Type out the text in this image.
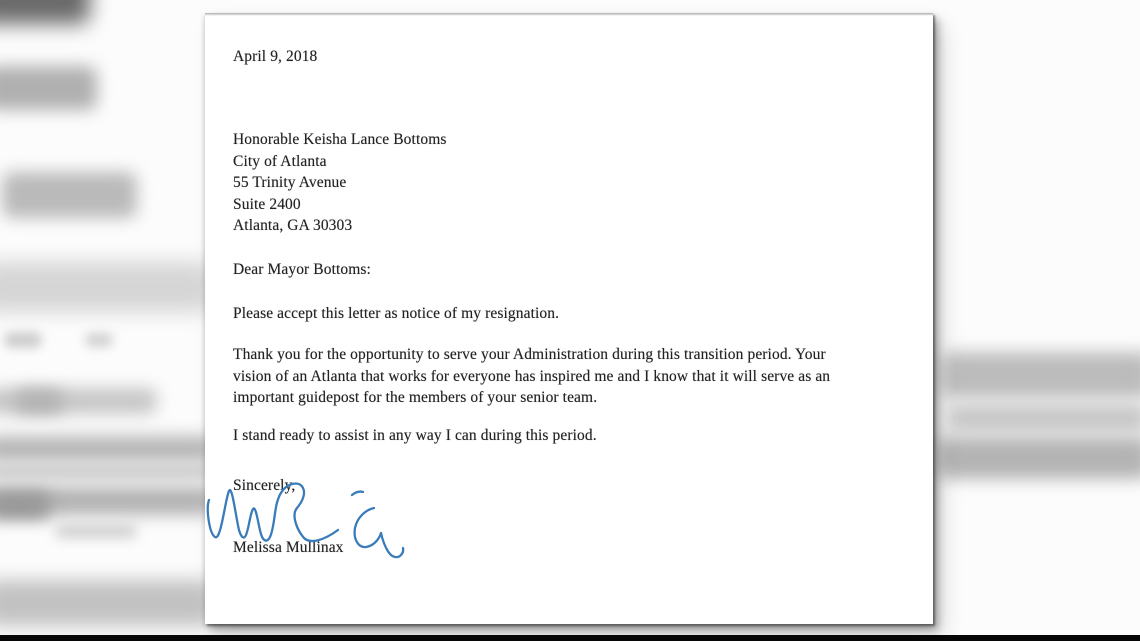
April 9, 2018
Honorable Keisha Lance Bottoms
City of Atlanta
55 Trinity Avenue
Suite 2400
Atlanta, GA 30303
Dear Mayor Bottoms:
Please accept this letter as notice of my resignation.
Thank you for the opportunity to serve your Administration during this transition period. Your
vision of an Atlanta that works for everyone has inspired me and I know that it will serve as an
important guidepost for the members of your senior team.
I stand ready to assist in any way I can during this period.
Sincerely,
Melissa Mullinax
